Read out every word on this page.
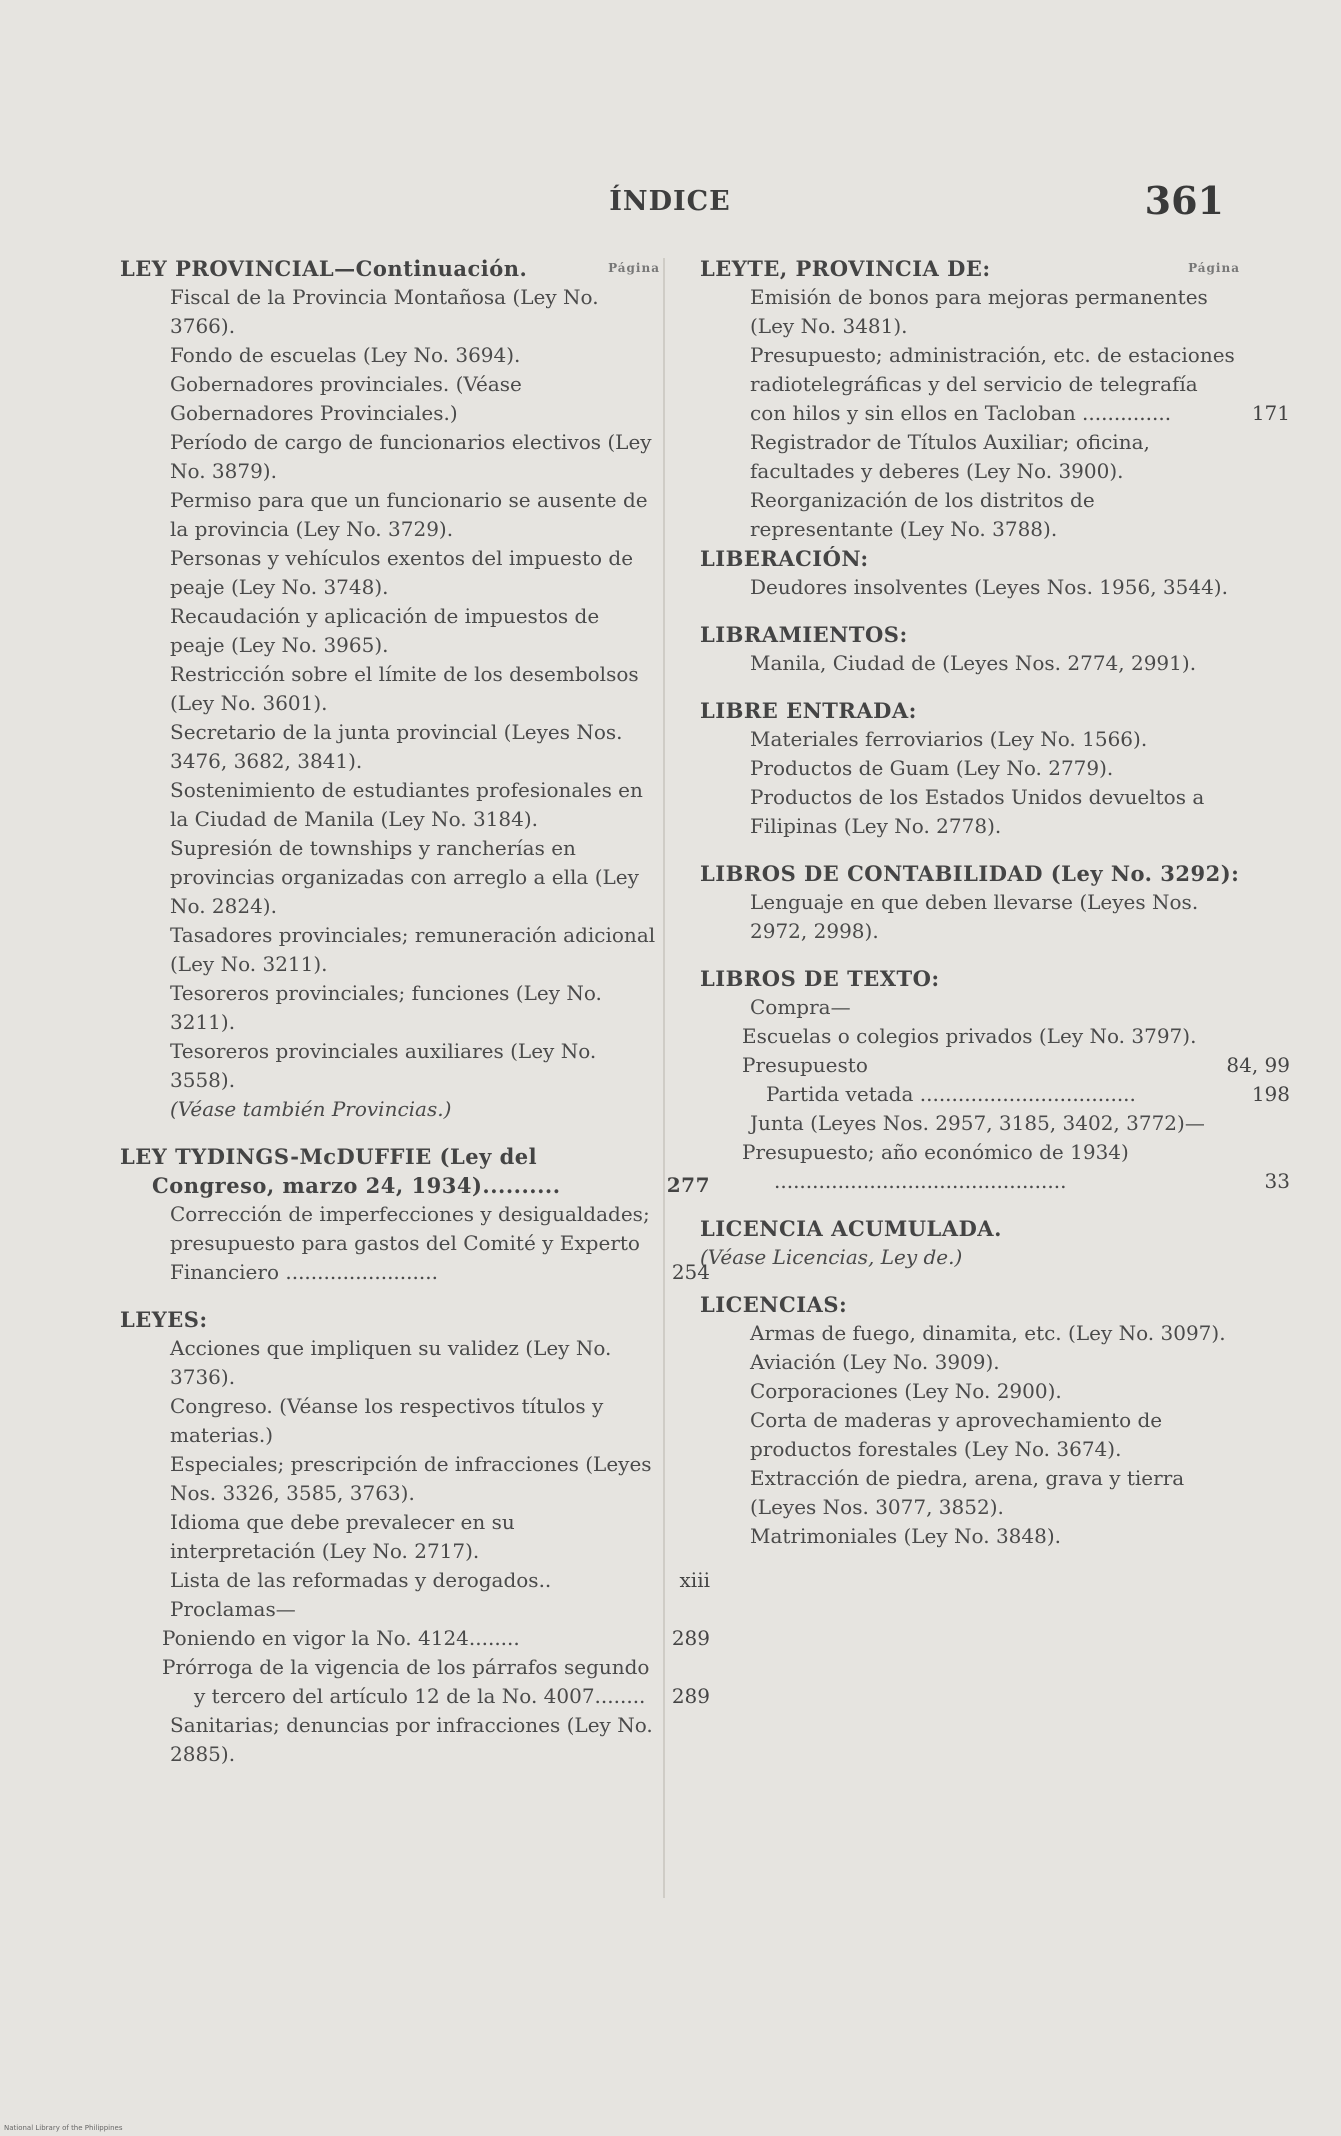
ÍNDICE	361
LEY PROVINCIAL—Continuación.	Página
Fiscal de la Provincia Montañosa (Ley No. 3766).
Fondo de escuelas (Ley No. 3694).
Gobernadores provinciales. (Véase Gobernadores Provinciales.)
Período de cargo de funcionarios electivos (Ley No. 3879).
Permiso para que un funcionario se ausente de la provincia (Ley No. 3729).
Personas y vehículos exentos del impuesto de peaje (Ley No. 3748).
Recaudación y aplicación de impuestos de peaje (Ley No. 3965).
Restricción sobre el límite de los desembolsos (Ley No. 3601).
Secretario de la junta provincial (Leyes Nos. 3476, 3682, 3841).
Sostenimiento de estudiantes profesionales en la Ciudad de Manila (Ley No. 3184).
Supresión de townships y rancherías en provincias organizadas con arreglo a ella (Ley No. 2824).
Tasadores provinciales; remuneración adicional (Ley No. 3211).
Tesoreros provinciales; funciones (Ley No. 3211).
Tesoreros provinciales auxiliares (Ley No. 3558).
(Véase también Provincias.)
LEY TYDINGS-McDUFFIE (Ley del Congreso, marzo 24, 1934)..........	277
Corrección de imperfecciones y desigualdades; presupuesto para gastos del Comité y Experto Financiero ........................	254
LEYES:
Acciones que impliquen su validez (Ley No. 3736).
Congreso. (Véanse los respectivos títulos y materias.)
Especiales; prescripción de infracciones (Leyes Nos. 3326, 3585, 3763).
Idioma que debe prevalecer en su interpretación (Ley No. 2717).
Lista de las reformadas y derogados..	xiii
Proclamas—
Poniendo en vigor la No. 4124........	289
Prórroga de la vigencia de los párrafos segundo y tercero del artículo 12 de la No. 4007........	289
Sanitarias; denuncias por infracciones (Ley No. 2885).
LEYTE, PROVINCIA DE:	Página
Emisión de bonos para mejoras permanentes (Ley No. 3481).
Presupuesto; administración, etc. de estaciones radiotelegráficas y del servicio de telegrafía con hilos y sin ellos en Tacloban ..............	171
Registrador de Títulos Auxiliar; oficina, facultades y deberes (Ley No. 3900).
Reorganización de los distritos de representante (Ley No. 3788).
LIBERACIÓN:
Deudores insolventes (Leyes Nos. 1956, 3544).
LIBRAMIENTOS:
Manila, Ciudad de (Leyes Nos. 2774, 2991).
LIBRE ENTRADA:
Materiales ferroviarios (Ley No. 1566).
Productos de Guam (Ley No. 2779).
Productos de los Estados Unidos devueltos a Filipinas (Ley No. 2778).
LIBROS DE CONTABILIDAD (Ley No. 3292):
Lenguaje en que deben llevarse (Leyes Nos. 2972, 2998).
LIBROS DE TEXTO:
Compra—
Escuelas o colegios privados (Ley No. 3797).
Presupuesto	84, 99
Partida vetada ..................................	198
Junta (Leyes Nos. 2957, 3185, 3402, 3772)—
Presupuesto; año económico de 1934) ..............................................	33
LICENCIA ACUMULADA.
(Véase Licencias, Ley de.)
LICENCIAS:
Armas de fuego, dinamita, etc. (Ley No. 3097).
Aviación (Ley No. 3909).
Corporaciones (Ley No. 2900).
Corta de maderas y aprovechamiento de productos forestales (Ley No. 3674).
Extracción de piedra, arena, grava y tierra (Leyes Nos. 3077, 3852).
Matrimoniales (Ley No. 3848).
National Library of the Philippines
